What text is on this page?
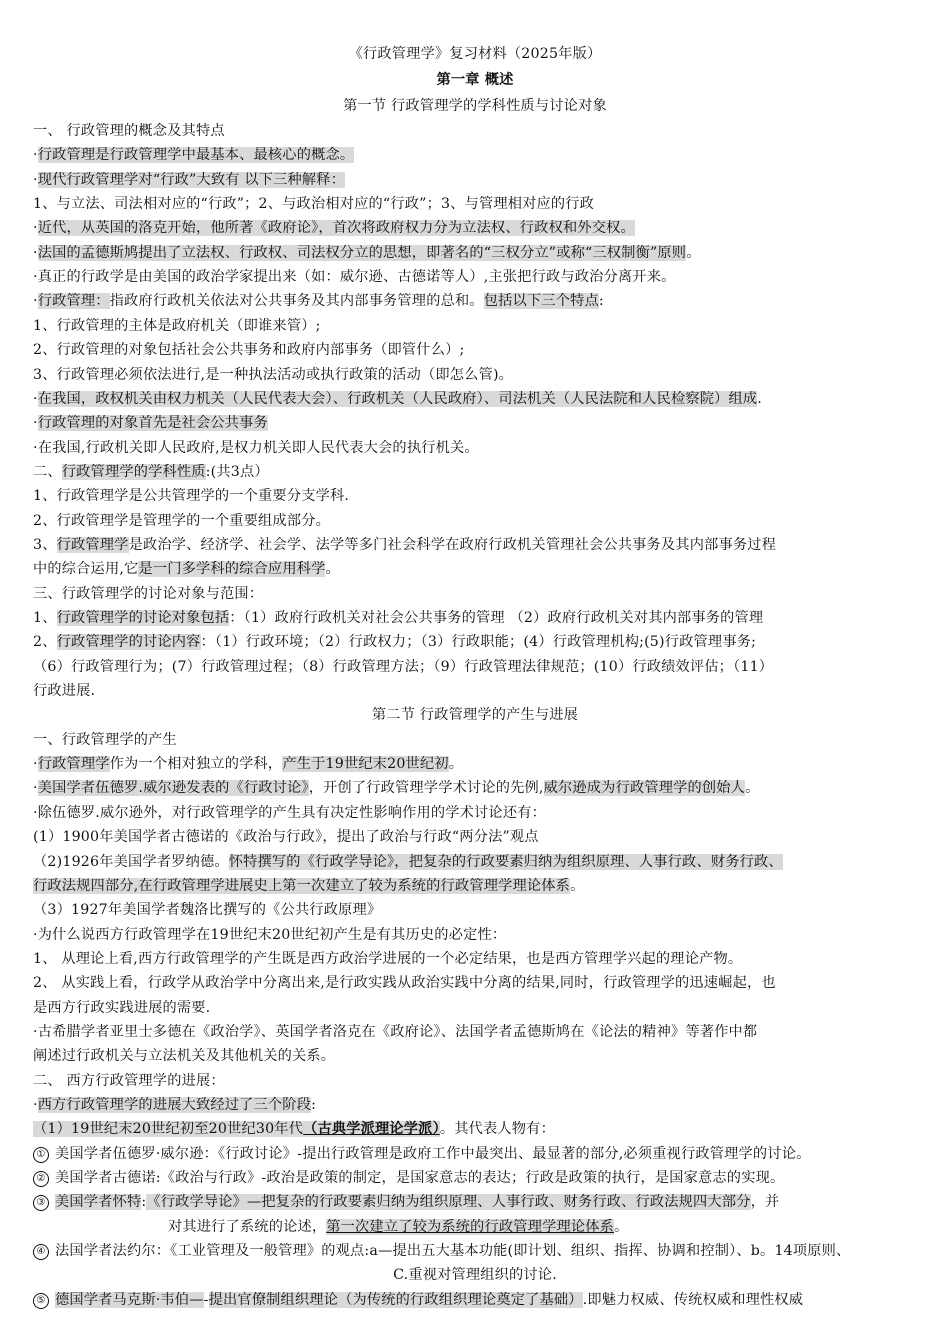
《行政管理学》复习材料（2025年版）
第一章 概述
第一节 行政管理学的学科性质与讨论对象
一、 行政管理的概念及其特点
·行政管理是行政管理学中最基本、最核心的概念。
·现代行政管理学对“行政”大致有 以下三种解释：
1、与立法、司法相对应的“行政”；2、与政治相对应的“行政”；3、与管理相对应的行政
·近代，从英国的洛克开始，他所著《政府论》，首次将政府权力分为立法权、行政权和外交权。
·法国的孟德斯鸠提出了立法权、行政权、司法权分立的思想，即著名的“三权分立”或称“三权制衡”原则。
·真正的行政学是由美国的政治学家提出来（如：威尔逊、古德诺等人）,主张把行政与政治分离开来。
·行政管理：指政府行政机关依法对公共事务及其内部事务管理的总和。包括以下三个特点:
1、行政管理的主体是政府机关（即谁来管）;
2、行政管理的对象包括社会公共事务和政府内部事务（即管什么）;
3、行政管理必须依法进行,是一种执法活动或执行政策的活动（即怎么管)。
·在我国，政权机关由权力机关（人民代表大会）、行政机关（人民政府）、司法机关（人民法院和人民检察院）组成.
·行政管理的对象首先是社会公共事务
·在我国,行政机关即人民政府,是权力机关即人民代表大会的执行机关。
二、行政管理学的学科性质:(共3点）
1、行政管理学是公共管理学的一个重要分支学科.
2、行政管理学是管理学的一个重要组成部分。
3、行政管理学是政治学、经济学、社会学、法学等多门社会科学在政府行政机关管理社会公共事务及其内部事务过程
中的综合运用,它是一门多学科的综合应用科学。
三、行政管理学的讨论对象与范围：
1、行政管理学的讨论对象包括：（1）政府行政机关对社会公共事务的管理 （2）政府行政机关对其内部事务的管理
2、行政管理学的讨论内容：（1）行政环境；（2）行政权力；（3）行政职能；(4）行政管理机构;(5)行政管理事务;
（6）行政管理行为；(7）行政管理过程；（8）行政管理方法；（9）行政管理法律规范；(10）行政绩效评估；（11）
行政进展.
第二节 行政管理学的产生与进展
一、行政管理学的产生
·行政管理学作为一个相对独立的学科，产生于19世纪末20世纪初。
·美国学者伍德罗.威尔逊发表的《行政讨论》，开创了行政管理学学术讨论的先例,威尔逊成为行政管理学的创始人。
·除伍德罗.威尔逊外，对行政管理学的产生具有决定性影响作用的学术讨论还有：
(1）1900年美国学者古德诺的《政治与行政》，提出了政治与行政“两分法”观点
（2)1926年美国学者罗纳德。怀特撰写的《行政学导论》，把复杂的行政要素归纳为组织原理、人事行政、财务行政、
行政法规四部分,在行政管理学进展史上第一次建立了较为系统的行政管理学理论体系。
（3）1927年美国学者魏洛比撰写的《公共行政原理》
·为什么说西方行政管理学在19世纪末20世纪初产生是有其历史的必定性：
1、 从理论上看,西方行政管理学的产生既是西方政治学进展的一个必定结果，也是西方管理学兴起的理论产物。
2、 从实践上看，行政学从政治学中分离出来,是行政实践从政治实践中分离的结果,同时，行政管理学的迅速崛起，也
是西方行政实践进展的需要.
·古希腊学者亚里士多德在《政治学》、英国学者洛克在《政府论》、法国学者孟德斯鸠在《论法的精神》等著作中都
阐述过行政机关与立法机关及其他机关的关系。
二、 西方行政管理学的进展：
·西方行政管理学的进展大致经过了三个阶段:
（1）19世纪末20世纪初至20世纪30年代（古典学派理论学派）。其代表人物有：
① 美国学者伍德罗·威尔逊：《行政讨论》-提出行政管理是政府工作中最突出、最显著的部分,必须重视行政管理学的讨论。
② 美国学者古德诺:《政治与行政》-政治是政策的制定，是国家意志的表达；行政是政策的执行，是国家意志的实现。
③ 美国学者怀特:《行政学导论》—把复杂的行政要素归纳为组织原理、人事行政、财务行政、行政法规四大部分，并
对其进行了系统的论述，第一次建立了较为系统的行政管理学理论体系。
④ 法国学者法约尔：《工业管理及一般管理》的观点:a—提出五大基本功能(即计划、组织、指挥、协调和控制）、b。14项原则、
C.重视对管理组织的讨论.
⑤ 德国学者马克斯·韦伯—-提出官僚制组织理论（为传统的行政组织理论奠定了基础）.即魅力权威、传统权威和理性权威
